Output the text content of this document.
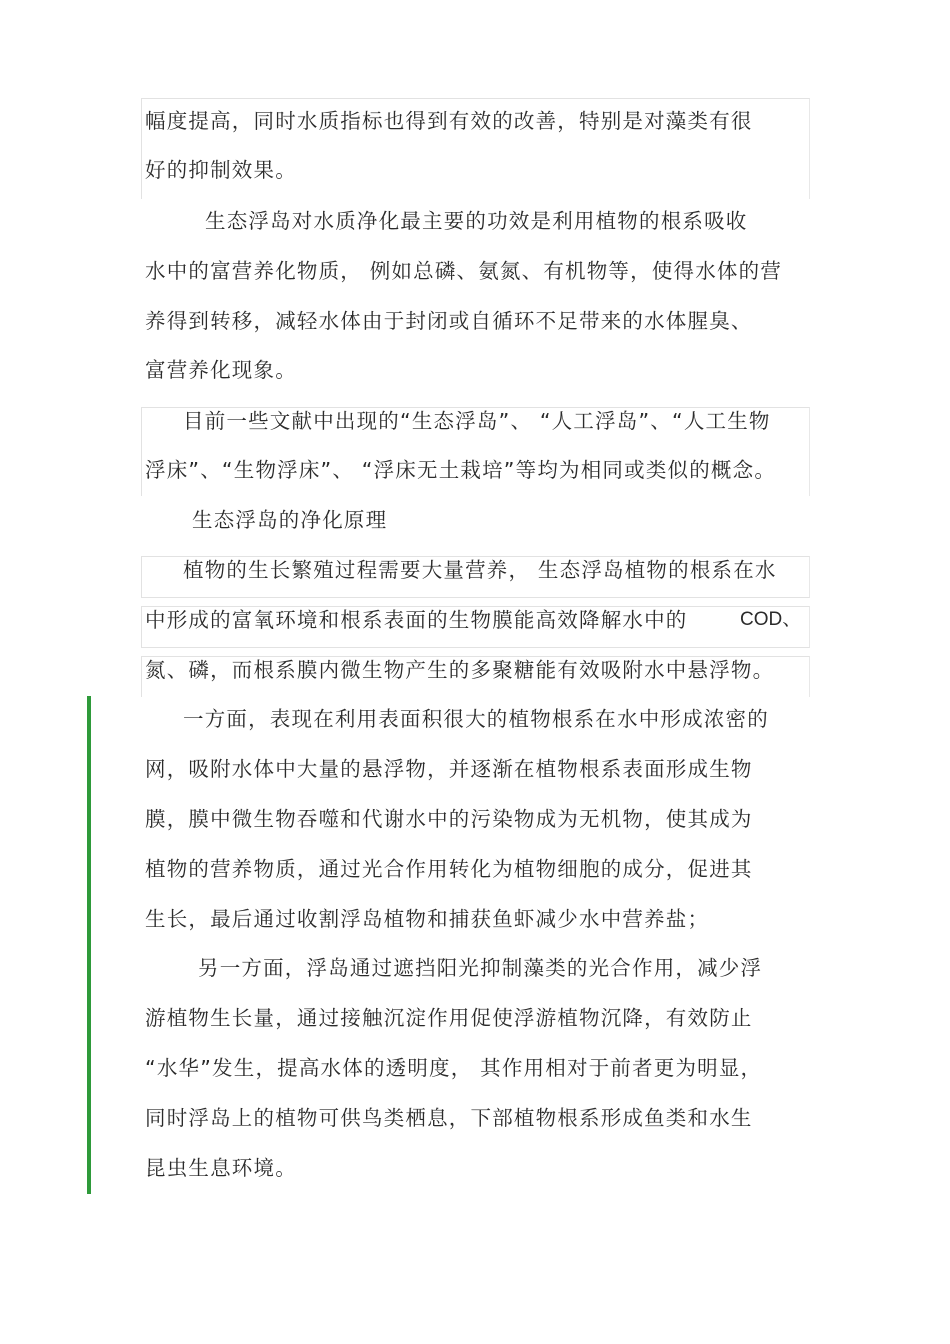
幅度提高，同时水质指标也得到有效的改善，特别是对藻类有很
好的抑制效果。
生态浮岛对水质净化最主要的功效是利用植物的根系吸收
水中的富营养化物质， 例如总磷、氨氮、有机物等，使得水体的营
养得到转移，减轻水体由于封闭或自循环不足带来的水体腥臭、
富营养化现象。
目前一些文献中出现的“生态浮岛”、 “人工浮岛”、“人工生物
浮床”、“生物浮床”、 “浮床无土栽培”等均为相同或类似的概念。
生态浮岛的净化原理
植物的生长繁殖过程需要大量营养， 生态浮岛植物的根系在水
中形成的富氧环境和根系表面的生物膜能高效降解水中的	COD、
氮、磷，而根系膜内微生物产生的多聚糖能有效吸附水中悬浮物。
一方面，表现在利用表面积很大的植物根系在水中形成浓密的
网，吸附水体中大量的悬浮物，并逐渐在植物根系表面形成生物
膜，膜中微生物吞噬和代谢水中的污染物成为无机物，使其成为
植物的营养物质，通过光合作用转化为植物细胞的成分，促进其
生长，最后通过收割浮岛植物和捕获鱼虾减少水中营养盐；
另一方面，浮岛通过遮挡阳光抑制藻类的光合作用，减少浮
游植物生长量，通过接触沉淀作用促使浮游植物沉降，有效防止
“水华”发生，提高水体的透明度， 其作用相对于前者更为明显，
同时浮岛上的植物可供鸟类栖息，下部植物根系形成鱼类和水生
昆虫生息环境。
